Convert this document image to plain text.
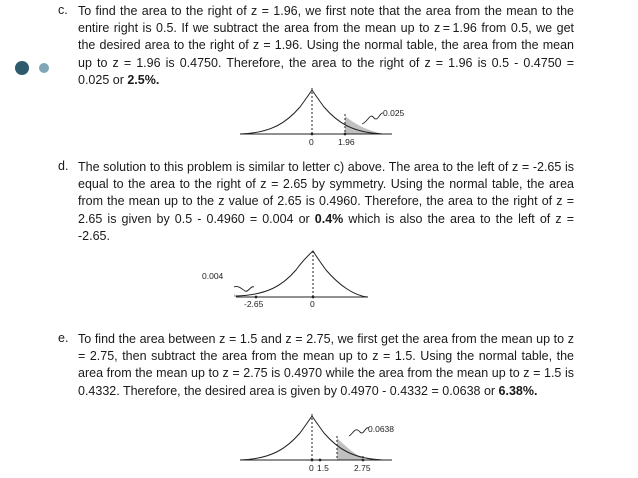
c. To find the area to the right of z = 1.96, we first note that the area from the mean to the entire right is 0.5. If we subtract the area from the mean up to z = 1.96 from 0.5, we get the desired area to the right of z = 1.96. Using the normal table, the area from the mean up to z = 1.96 is 0.4750. Therefore, the area to the right of z = 1.96 is 0.5 - 0.4750 = 0.025 or 2.5%.

0	1.96
0.025
d. The solution to this problem is similar to letter c) above. The area to the left of z = -2.65 is equal to the area to the right of z = 2.65 by symmetry. Using the normal table, the area from the mean up to the z value of 2.65 is 0.4960. Therefore, the area to the right of z = 2.65 is given by 0.5 - 0.4960 = 0.004 or 0.4% which is also the area to the left of z = -2.65.

-2.65	0
0.004
e. To find the area between z = 1.5 and z = 2.75, we first get the area from the mean up to z = 2.75, then subtract the area from the mean up to z = 1.5. Using the normal table, the area from the mean up to z = 2.75 is 0.4970 while the area from the mean up to z = 1.5 is 0.4332. Therefore, the desired area is given by 0.4970 - 0.4332 = 0.0638 or 6.38%.

0 1.5	2.75
0.0638
